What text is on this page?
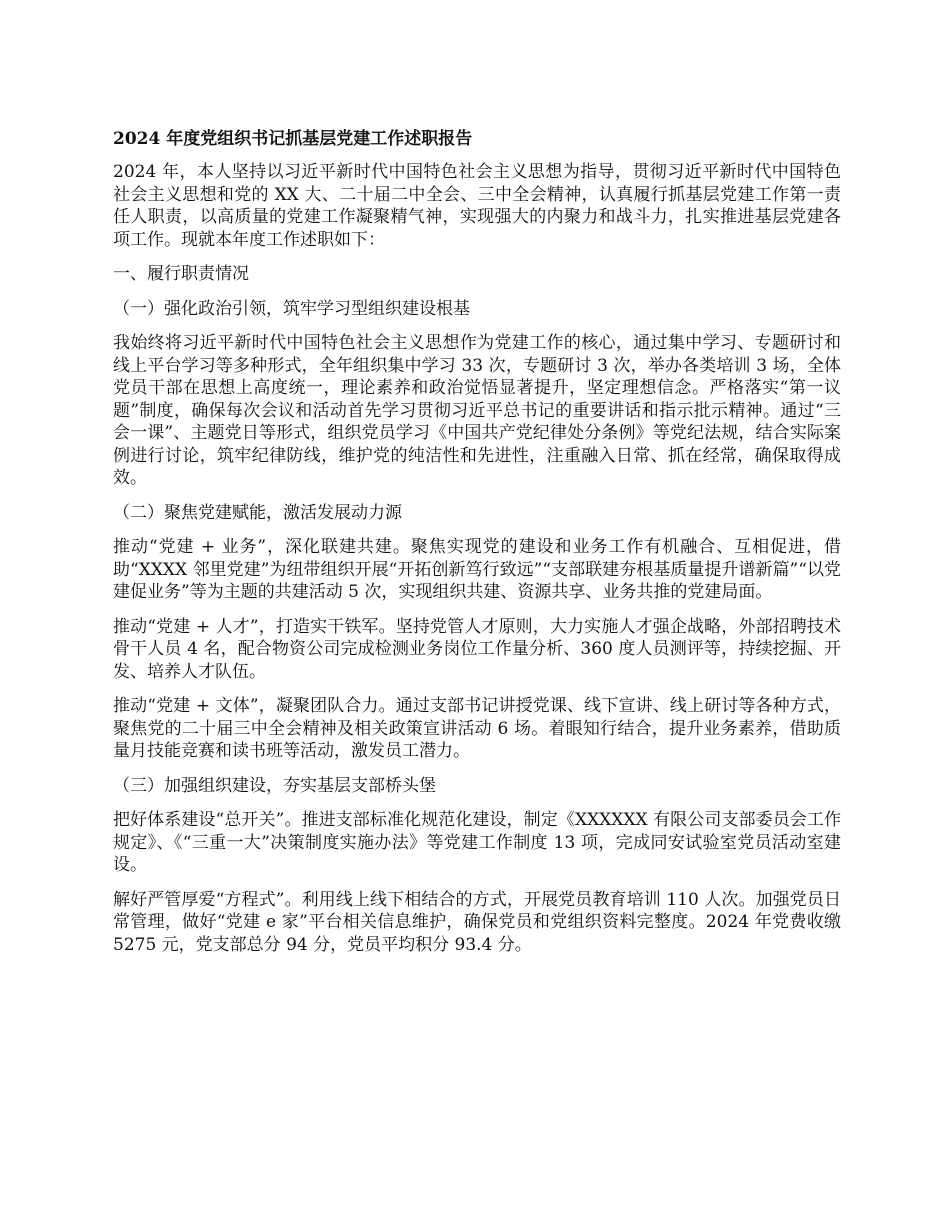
2024 年度党组织书记抓基层党建工作述职报告
2024 年，本人坚持以习近平新时代中国特色社会主义思想为指导，贯彻习近平新时代中国特色社会主义思想和党的 XX 大、二十届二中全会、三中全会精神，认真履行抓基层党建工作第一责任人职责，以高质量的党建工作凝聚精气神，实现强大的内聚力和战斗力，扎实推进基层党建各项工作。现就本年度工作述职如下：
一、履行职责情况
（一）强化政治引领，筑牢学习型组织建设根基
我始终将习近平新时代中国特色社会主义思想作为党建工作的核心，通过集中学习、专题研讨和线上平台学习等多种形式，全年组织集中学习 33 次，专题研讨 3 次，举办各类培训 3 场，全体党员干部在思想上高度统一，理论素养和政治觉悟显著提升，坚定理想信念。严格落实“第一议题”制度，确保每次会议和活动首先学习贯彻习近平总书记的重要讲话和指示批示精神。通过“三会一课”、主题党日等形式，组织党员学习《中国共产党纪律处分条例》等党纪法规，结合实际案例进行讨论，筑牢纪律防线，维护党的纯洁性和先进性，注重融入日常、抓在经常，确保取得成效。
（二）聚焦党建赋能，激活发展动力源
推动“党建 + 业务”，深化联建共建。聚焦实现党的建设和业务工作有机融合、互相促进，借助“XXXX 邻里党建”为纽带组织开展“开拓创新笃行致远”“支部联建夯根基质量提升谱新篇”“以党建促业务”等为主题的共建活动 5 次，实现组织共建、资源共享、业务共推的党建局面。
推动“党建 + 人才”，打造实干铁军。坚持党管人才原则，大力实施人才强企战略，外部招聘技术骨干人员 4 名，配合物资公司完成检测业务岗位工作量分析、360 度人员测评等，持续挖掘、开发、培养人才队伍。
推动“党建 + 文体”，凝聚团队合力。通过支部书记讲授党课、线下宣讲、线上研讨等各种方式，聚焦党的二十届三中全会精神及相关政策宣讲活动 6 场。着眼知行结合，提升业务素养，借助质量月技能竞赛和读书班等活动，激发员工潜力。
（三）加强组织建设，夯实基层支部桥头堡
把好体系建设“总开关”。推进支部标准化规范化建设，制定《XXXXXX 有限公司支部委员会工作规定》、《“三重一大”决策制度实施办法》等党建工作制度 13 项，完成同安试验室党员活动室建设。
解好严管厚爱“方程式”。利用线上线下相结合的方式，开展党员教育培训 110 人次。加强党员日常管理，做好“党建 e 家”平台相关信息维护，确保党员和党组织资料完整度。2024 年党费收缴 5275 元，党支部总分 94 分，党员平均积分 93.4 分。
